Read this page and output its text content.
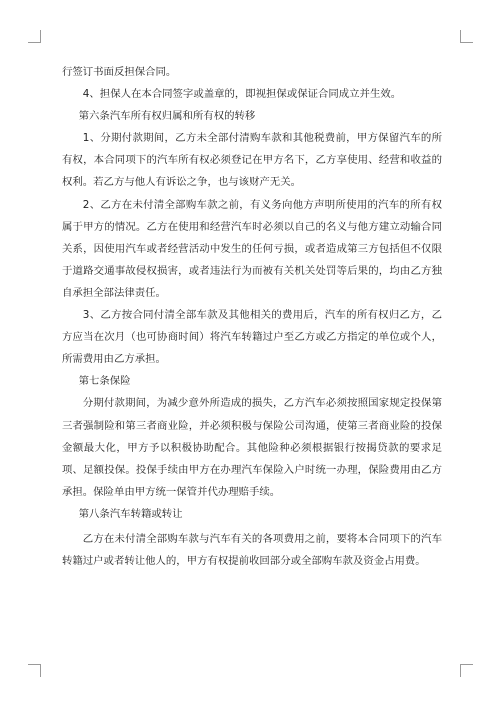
行签订书面反担保合同。

4、担保人在本合同签字或盖章的，即视担保或保证合同成立并生效。

第六条汽车所有权归属和所有权的转移

1、分期付款期间，乙方未全部付清购车款和其他税费前，甲方保留汽车的所有权，本合同项下的汽车所有权必须登记在甲方名下，乙方享使用、经营和收益的权利。若乙方与他人有诉讼之争，也与该财产无关。

2、乙方在未付清全部购车款之前，有义务向他方声明所使用的汽车的所有权属于甲方的情况。乙方在使用和经营汽车时必须以自己的名义与他方建立动输合同关系，因使用汽车或者经营活动中发生的任何亏损，或者造成第三方包括但不仅限于道路交通事故侵权损害，或者违法行为而被有关机关处罚等后果的，均由乙方独自承担全部法律责任。

3、乙方按合同付清全部车款及其他相关的费用后，汽车的所有权归乙方，乙方应当在次月（也可协商时间）将汽车转籍过户至乙方或乙方指定的单位或个人，所需费用由乙方承担。

第七条保险

分期付款期间，为减少意外所造成的损失，乙方汽车必须按照国家规定投保第三者强制险和第三者商业险，并必须积极与保险公司沟通，使第三者商业险的投保金额最大化，甲方予以积极协助配合。其他险种必须根据银行按揭贷款的要求足项、足额投保。投保手续由甲方在办理汽车保险入户时统一办理，保险费用由乙方承担。保险单由甲方统一保管并代办理赔手续。

第八条汽车转籍或转让

乙方在未付清全部购车款与汽车有关的各项费用之前，要将本合同项下的汽车转籍过户或者转让他人的，甲方有权提前收回部分或全部购车款及资金占用费。
